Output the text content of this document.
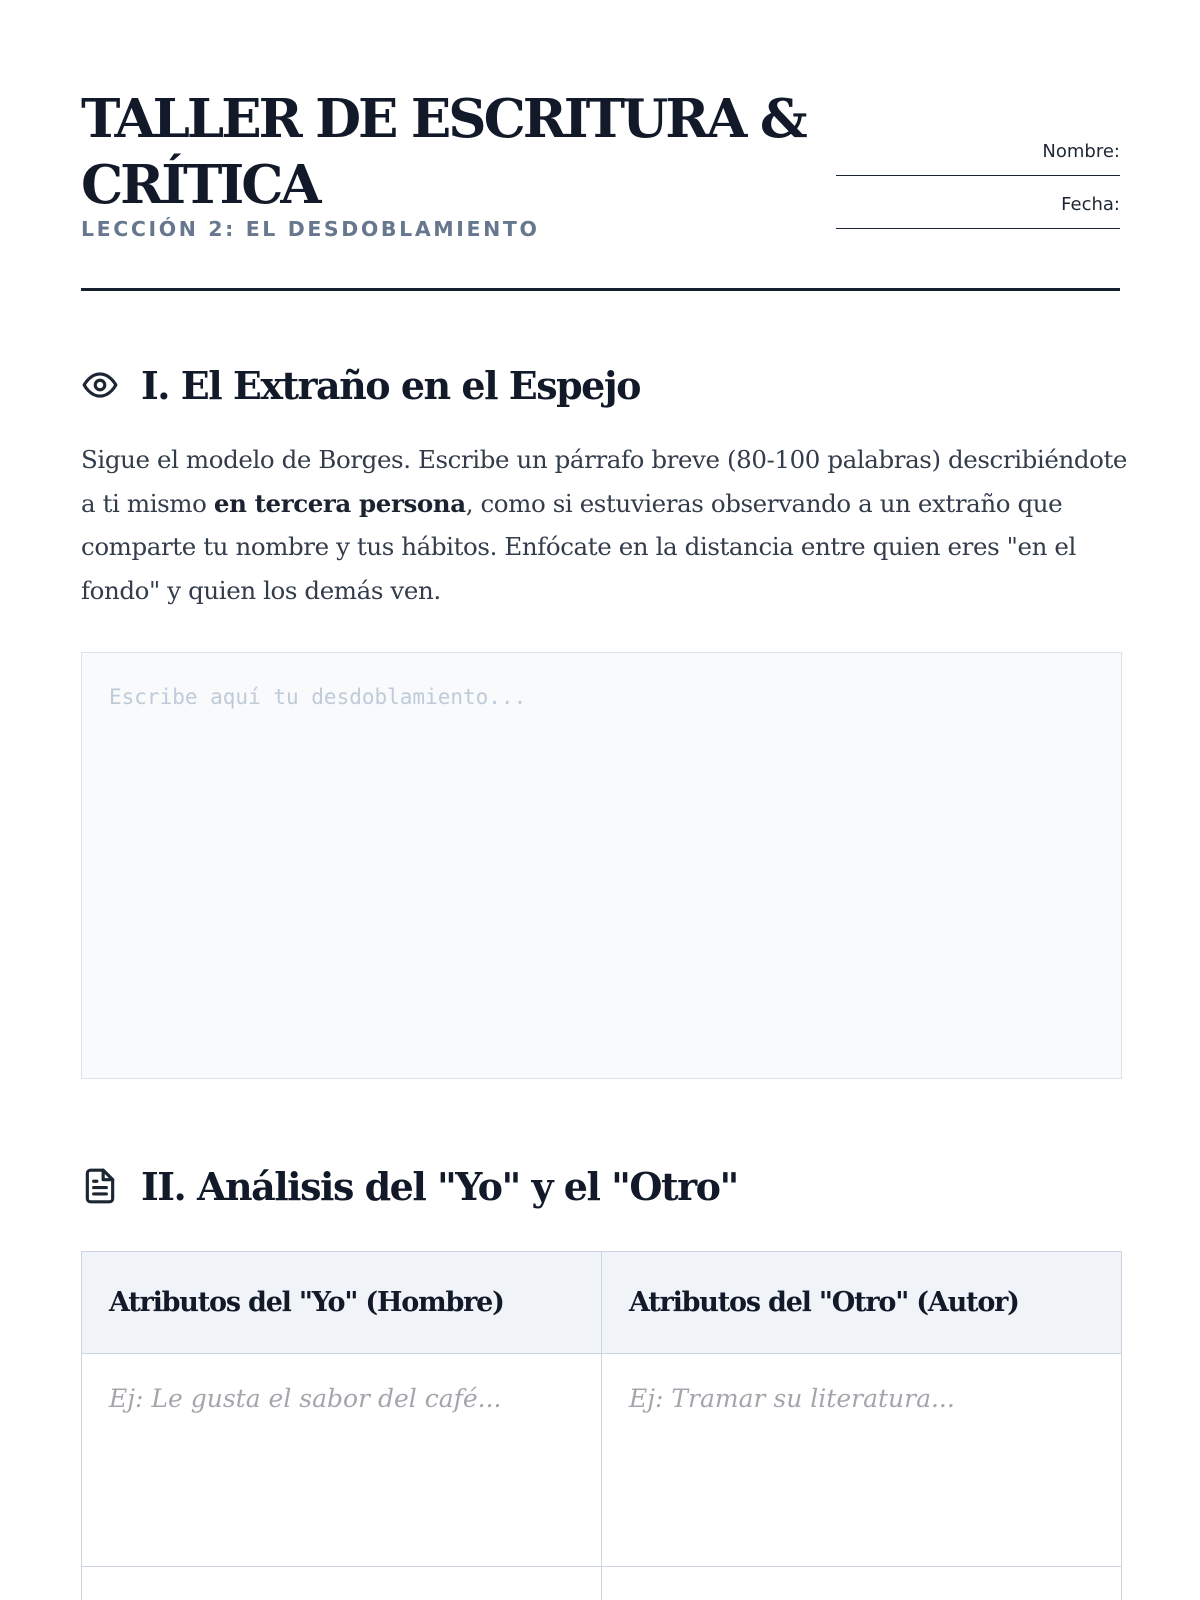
TALLER DE ESCRITURA & CRÍTICA
LECCIÓN 2: EL DESDOBLAMIENTO
Nombre:
Fecha:
I. El Extraño en el Espejo

Sigue el modelo de Borges. Escribe un párrafo breve (80-100 palabras) describiéndote a ti mismo en tercera persona, como si estuvieras observando a un extraño que comparte tu nombre y tus hábitos. Enfócate en la distancia entre quien eres "en el fondo" y quien los demás ven.

Escribe aquí tu desdoblamiento...
II. Análisis del "Yo" y el "Otro"
Atributos del "Yo" (Hombre)	Atributos del "Otro" (Autor)
Ej: Le gusta el sabor del café...	Ej: Tramar su literatura...
